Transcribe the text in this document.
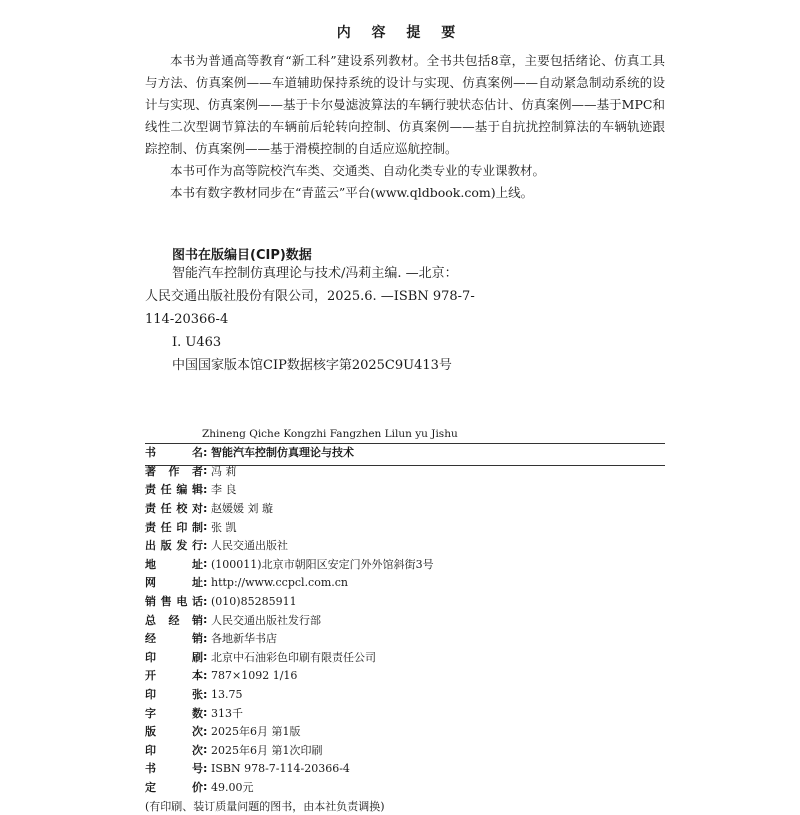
内 容 提 要

本书为普通高等教育“新工科”建设系列教材。全书共包括8章，主要包括绪论、仿真工具与方法、仿真案例——车道辅助保持系统的设计与实现、仿真案例——自动紧急制动系统的设计与实现、仿真案例——基于卡尔曼滤波算法的车辆行驶状态估计、仿真案例——基于MPC和线性二次型调节算法的车辆前后轮转向控制、仿真案例——基于自抗扰控制算法的车辆轨迹跟踪控制、仿真案例——基于滑模控制的自适应巡航控制。

本书可作为高等院校汽车类、交通类、自动化类专业的专业课教材。

本书有数字教材同步在“青蓝云”平台(www.qldbook.com)上线。

图书在版编目(CIP)数据
智能汽车控制仿真理论与技术/冯莉主编. —北京：
人民交通出版社股份有限公司，2025.6. —ISBN 978-7-
114-20366-4
Ⅰ. U463
中国国家版本馆CIP数据核字第2025C9U413号
Zhineng Qiche Kongzhi Fangzhen Lilun yu Jishu
书名 : 智能汽车控制仿真理论与技术
著作者 : 冯 莉
责任编辑 : 李 良
责任校对 : 赵媛媛 刘 璇
责任印制 : 张 凯
出版发行 : 人民交通出版社
地址 : (100011)北京市朝阳区安定门外外馆斜街3号
网址 : http://www.ccpcl.com.cn
销售电话 : (010)85285911
总经销 : 人民交通出版社发行部
经销 : 各地新华书店
印刷 : 北京中石油彩色印刷有限责任公司
开本 : 787×1092 1/16
印张 : 13.75
字数 : 313千
版次 : 2025年6月 第1版
印次 : 2025年6月 第1次印刷
书号 : ISBN 978-7-114-20366-4
定价 : 49.00元
(有印刷、装订质量问题的图书，由本社负责调换)
